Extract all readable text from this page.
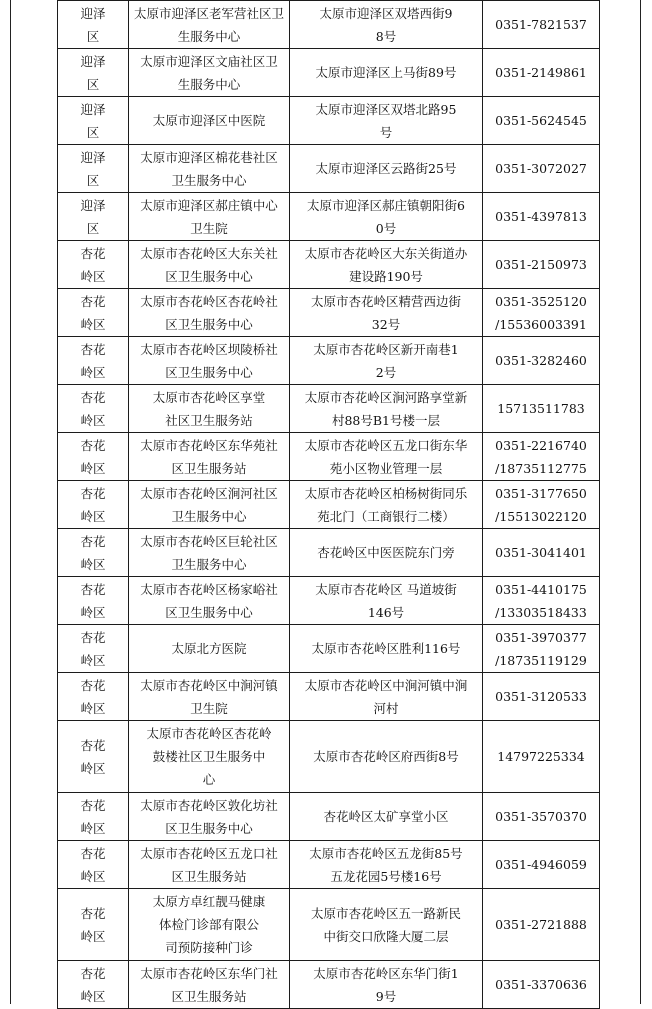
迎泽
区	太原市迎泽区老军营社区卫
生服务中心	太原市迎泽区双塔西街9
8号	0351-7821537

迎泽
区	太原市迎泽区文庙社区卫
生服务中心	太原市迎泽区上马街89号	0351-2149861

迎泽
区	太原市迎泽区中医院	太原市迎泽区双塔北路95
号	0351-5624545

迎泽
区	太原市迎泽区棉花巷社区
卫生服务中心	太原市迎泽区云路街25号	0351-3072027

迎泽
区	太原市迎泽区郝庄镇中心
卫生院	太原市迎泽区郝庄镇朝阳街6
0号	0351-4397813

杏花
岭区	太原市杏花岭区大东关社
区卫生服务中心	太原市杏花岭区大东关街道办
建设路190号	0351-2150973

杏花
岭区	太原市杏花岭区杏花岭社
区卫生服务中心	太原市杏花岭区精营西边街
32号	0351-3525120
/15536003391

杏花
岭区	太原市杏花岭区坝陵桥社
区卫生服务中心	太原市杏花岭区新开南巷1
2号	0351-3282460

杏花
岭区	太原市杏花岭区享堂
社区卫生服务站	太原市杏花岭区涧河路享堂新
村88号B1号楼一层	15713511783

杏花
岭区	太原市杏花岭区东华苑社
区卫生服务站	太原市杏花岭区五龙口街东华
苑小区物业管理一层	0351-2216740
/18735112775

杏花
岭区	太原市杏花岭区涧河社区
卫生服务中心	太原市杏花岭区柏杨树街同乐
苑北门（工商银行二楼）	0351-3177650
/15513022120

杏花
岭区	太原市杏花岭区巨轮社区
卫生服务中心	杏花岭区中医医院东门旁	0351-3041401

杏花
岭区	太原市杏花岭区杨家峪社
区卫生服务中心	太原市杏花岭区 马道坡街
146号	0351-4410175
/13303518433

杏花
岭区	太原北方医院	太原市杏花岭区胜利116号	0351-3970377
/18735119129

杏花
岭区	太原市杏花岭区中涧河镇
卫生院	太原市杏花岭区中涧河镇中涧
河村	0351-3120533

杏花
岭区	太原市杏花岭区杏花岭
鼓楼社区卫生服务中
心	太原市杏花岭区府西街8号	14797225334

杏花
岭区	太原市杏花岭区敦化坊社
区卫生服务中心	杏花岭区太矿享堂小区	0351-3570370

杏花
岭区	太原市杏花岭区五龙口社
区卫生服务站	太原市杏花岭区五龙街85号
五龙花园5号楼16号	0351-4946059

杏花
岭区	太原方卓红靓马健康
体检门诊部有限公
司预防接种门诊	太原市杏花岭区五一路新民
中街交口欣隆大厦二层	0351-2721888

杏花
岭区	太原市杏花岭区东华门社
区卫生服务站	太原市杏花岭区东华门街1
9号	0351-3370636
